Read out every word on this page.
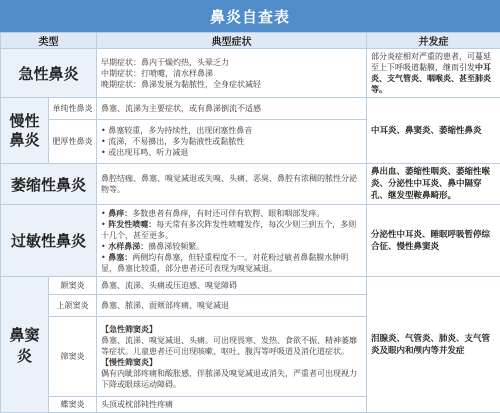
鼻炎自查表
类型		典型症状	并发症
急性鼻炎		早期症状：鼻内干燥灼热，头晕乏力
中期症状：打喷嚏，清水样鼻涕
晚期症状：鼻涕发展为黏脓性，全身症状减轻	部分炎症相对严重的患者，可蔓延至上下呼吸道黏膜，继而引发中耳炎、支气管炎、咽喉炎、甚至肺炎等。
慢性鼻炎	单纯性鼻炎	鼻塞、流涕为主要症状，或有鼻涕倒流不适感	中耳炎、鼻窦炎、萎缩性鼻炎
	肥厚性鼻炎	• 鼻塞较重，多为持续性，出现闭塞性鼻音
• 流涕，不易擤出，多为黏液性或黏脓性
• 或出现耳鸣、听力减退

萎缩性鼻炎		鼻腔结痂、鼻塞、嗅觉减退或失嗅、头痛、恶臭、鼻腔有浓稠的脓性分泌物等。	鼻出血、萎缩性咽炎、萎缩性喉炎、分泌性中耳炎、鼻中隔穿孔、继发型鞍鼻畸形。
过敏性鼻炎		• 鼻痒：多数患者有鼻痒，有时还可伴有软腭、眼和咽部发痒。
• 阵发性喷嚏：每天常有多次阵发性喷嚏发作，每次少则三到五个，多则十几个，甚至更多。
• 水样鼻涕：擤鼻涕较频繁。
• 鼻塞：两侧均有鼻塞，但轻重程度不一。对花粉过敏者鼻黏膜水肿明显，鼻塞比较重，部分患者还可表现为嗅觉减退。	分泌性中耳炎、睡眠呼吸暂停综合征、慢性鼻窦炎
鼻窦炎	额窦炎	鼻塞、流涕、头痛或压迫感、嗅觉障碍	泪腺炎、气管炎、肺炎、支气管炎及眼内和颅内等并发症
	上颌窦炎	鼻塞、脓涕、面颊部疼痛、嗅觉减退	
	筛窦炎	【急性筛窦炎】
鼻塞、流涕、嗅觉减退、头痛。可出现畏寒、发热、食欲不振、精神萎靡等症状。儿童患者还可出现咳嗽、呕吐、腹泻等呼吸道及消化道症状。
【慢性筛窦炎】
偶有内眦部疼痛和酸胀感，伴脓涕及嗅觉减退或消失，严重者可出现视力下降或眼球运动障碍。	

	蝶窦炎	头顶或枕部钝性疼痛	
